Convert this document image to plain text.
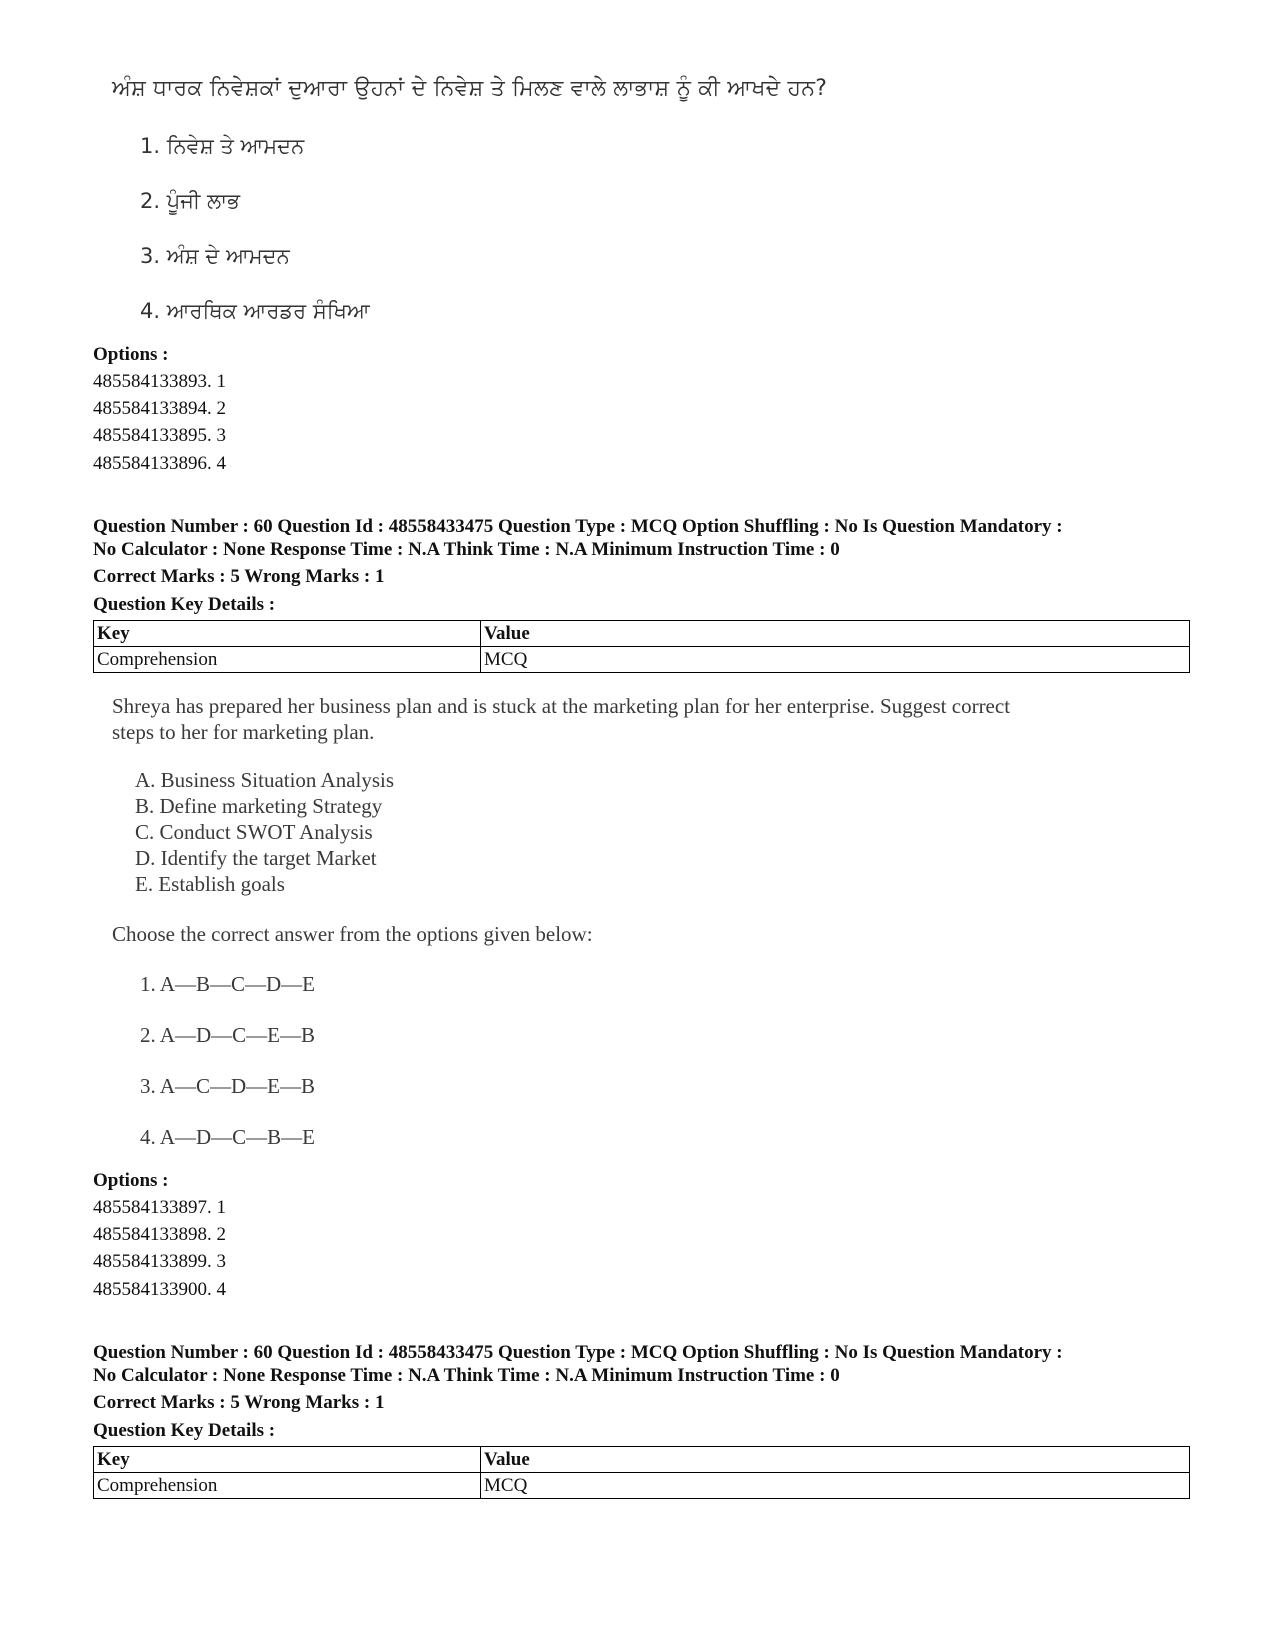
ਅੰਸ਼ ਧਾਰਕ ਨਿਵੇਸ਼ਕਾਂ ਦੁਆਰਾ ਉਹਨਾਂ ਦੇ ਨਿਵੇਸ਼ ਤੇ ਮਿਲਣ ਵਾਲੇ ਲਾਭਾਸ਼ ਨੂੰ ਕੀ ਆਖਦੇ ਹਨ?
1. ਨਿਵੇਸ਼ ਤੇ ਆਮਦਨ
2. ਪੂੰਜੀ ਲਾਭ
3. ਅੰਸ਼ ਦੇ ਆਮਦਨ
4. ਆਰਥਿਕ ਆਰਡਰ ਸੰਖਿਆ
Options :
485584133893. 1
485584133894. 2
485584133895. 3
485584133896. 4
Question Number : 60 Question Id : 48558433475 Question Type : MCQ Option Shuffling : No Is Question Mandatory :
No Calculator : None Response Time : N.A Think Time : N.A Minimum Instruction Time : 0
Correct Marks : 5 Wrong Marks : 1
Question Key Details :
Key	Value
Comprehension	MCQ
Shreya has prepared her business plan and is stuck at the marketing plan for her enterprise. Suggest correct
steps to her for marketing plan.
A. Business Situation Analysis
B. Define marketing Strategy
C. Conduct SWOT Analysis
D. Identify the target Market
E. Establish goals
Choose the correct answer from the options given below:
1. A—B—C—D—E
2. A—D—C—E—B
3. A—C—D—E—B
4. A—D—C—B—E
Options :
485584133897. 1
485584133898. 2
485584133899. 3
485584133900. 4
Question Number : 60 Question Id : 48558433475 Question Type : MCQ Option Shuffling : No Is Question Mandatory :
No Calculator : None Response Time : N.A Think Time : N.A Minimum Instruction Time : 0
Correct Marks : 5 Wrong Marks : 1
Question Key Details :
Key	Value
Comprehension	MCQ
